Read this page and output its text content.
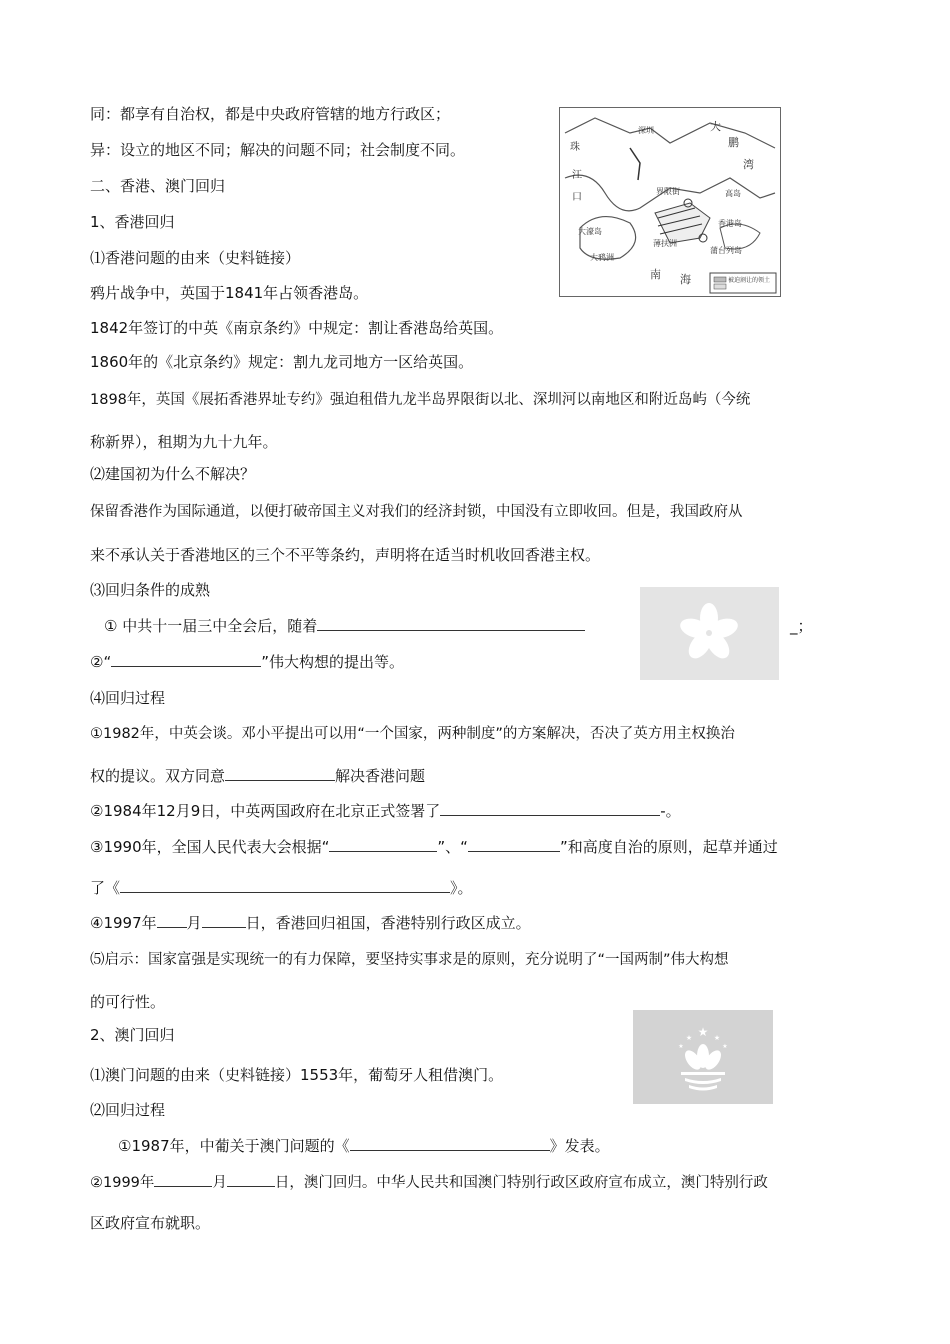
深圳	大
鹏
湾
珠
江
口
界限街	高岛
大濠岛
香港岛
薄扶洲
蒲台列岛
大鸦洲
南 海	被迫割让的领土
★
★	★
★	★
同：都享有自治权，都是中央政府管辖的地方行政区；
异：设立的地区不同；解决的问题不同；社会制度不同。
二、香港、澳门回归
1、香港回归
⑴香港问题的由来（史料链接）
鸦片战争中，英国于1841年占领香港岛。
1842年签订的中英《南京条约》中规定：割让香港岛给英国。
1860年的《北京条约》规定：割九龙司地方一区给英国。
1898年，英国《展拓香港界址专约》强迫租借九龙半岛界限街以北、深圳河以南地区和附近岛屿（今统
称新界），租期为九十九年。
⑵建国初为什么不解决？
保留香港作为国际通道，以便打破帝国主义对我们的经济封锁，中国没有立即收回。但是，我国政府从
来不承认关于香港地区的三个不平等条约，声明将在适当时机收回香港主权。
⑶回归条件的成熟
① 中共十一届三中全会后，随着	_；
②“	”伟大构想的提出等。
⑷回归过程
①1982年，中英会谈。邓小平提出可以用“一个国家，两种制度”的方案解决，否决了英方用主权换治
权的提议。双方同意	解决香港问题
②1984年12月9日，中英两国政府在北京正式签署了	-。
③1990年，全国人民代表大会根据“	”、“	”和高度自治的原则，起草并通过
了《	》。
④1997年 月	日，香港回归祖国，香港特别行政区成立。
⑸启示：国家富强是实现统一的有力保障，要坚持实事求是的原则，充分说明了“一国两制”伟大构想
的可行性。
2、澳门回归
⑴澳门问题的由来（史料链接）1553年，葡萄牙人租借澳门。
⑵回归过程
①1987年，中葡关于澳门问题的《	》发表。
②1999年	月	日，澳门回归。中华人民共和国澳门特别行政区政府宣布成立，澳门特别行政
区政府宣布就职。
